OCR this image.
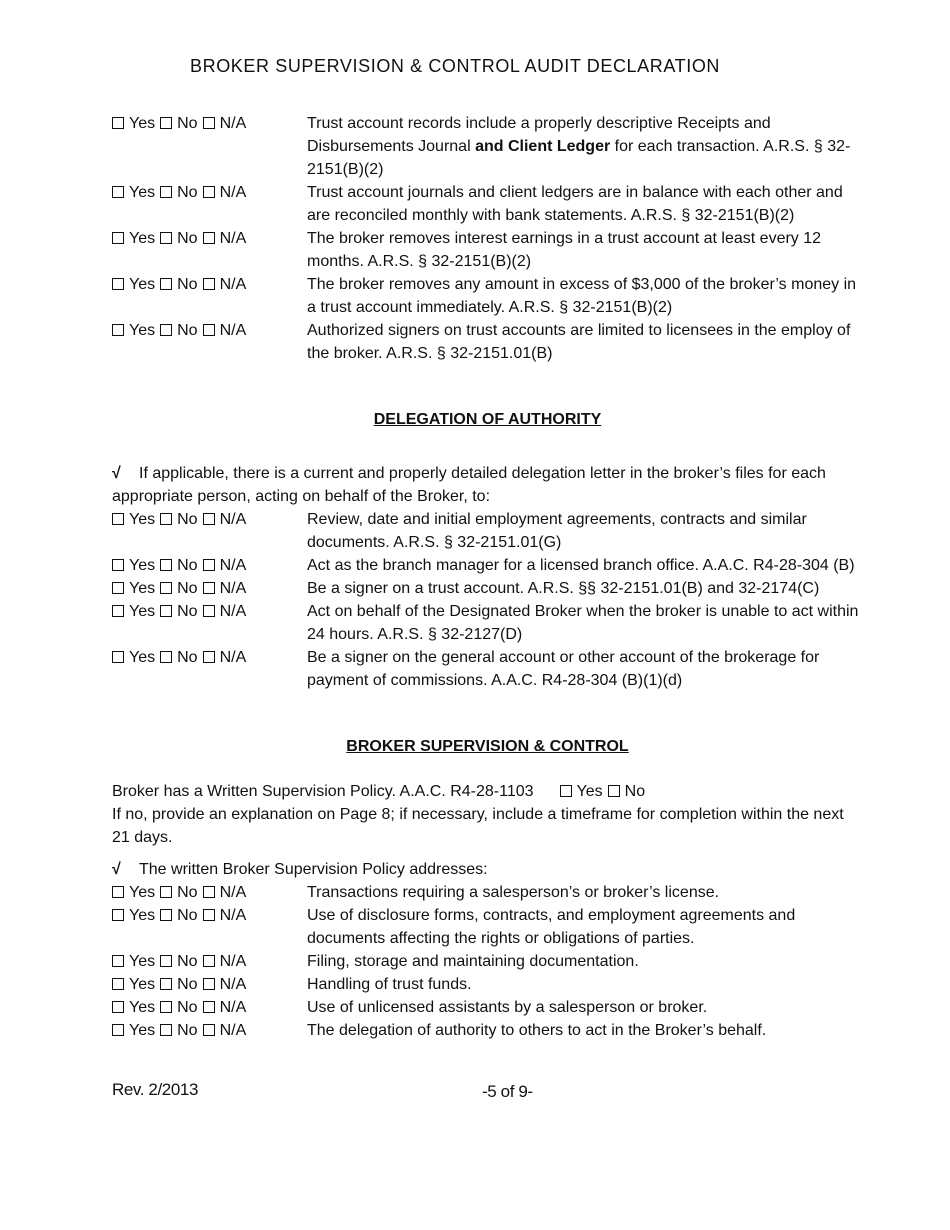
BROKER SUPERVISION & CONTROL AUDIT DECLARATION
Yes No N/A	Trust account records include a properly descriptive Receipts and Disbursements Journal and Client Ledger for each transaction. A.R.S. § 32-2151(B)(2)
Yes No N/A	Trust account journals and client ledgers are in balance with each other and are reconciled monthly with bank statements. A.R.S. § 32-2151(B)(2)
Yes No N/A	The broker removes interest earnings in a trust account at least every 12 months. A.R.S. § 32-2151(B)(2)
Yes No N/A	The broker removes any amount in excess of $3,000 of the broker’s money in a trust account immediately. A.R.S. § 32-2151(B)(2)
Yes No N/A	Authorized signers on trust accounts are limited to licensees in the employ of the broker. A.R.S. § 32-2151.01(B)
DELEGATION OF AUTHORITY
√ If applicable, there is a current and properly detailed delegation letter in the broker’s files for each appropriate person, acting on behalf of the Broker, to:
Yes No N/A	Review, date and initial employment agreements, contracts and similar documents. A.R.S. § 32-2151.01(G)
Yes No N/A	Act as the branch manager for a licensed branch office. A.A.C. R4-28-304 (B)
Yes No N/A	Be a signer on a trust account. A.R.S. §§ 32-2151.01(B) and 32-2174(C)
Yes No N/A	Act on behalf of the Designated Broker when the broker is unable to act within 24 hours. A.R.S. § 32-2127(D)
Yes No N/A	Be a signer on the general account or other account of the brokerage for payment of commissions. A.A.C. R4-28-304 (B)(1)(d)
BROKER SUPERVISION & CONTROL
Broker has a Written Supervision Policy. A.A.C. R4-28-1103	Yes No
If no, provide an explanation on Page 8; if necessary, include a timeframe for completion within the next 21 days.
√ The written Broker Supervision Policy addresses:
Yes No N/A	Transactions requiring a salesperson’s or broker’s license.
Yes No N/A	Use of disclosure forms, contracts, and employment agreements and documents affecting the rights or obligations of parties.
Yes No N/A	Filing, storage and maintaining documentation.
Yes No N/A	Handling of trust funds.
Yes No N/A	Use of unlicensed assistants by a salesperson or broker.
Yes No N/A	The delegation of authority to others to act in the Broker’s behalf.
Rev. 2/2013	-5 of 9-
